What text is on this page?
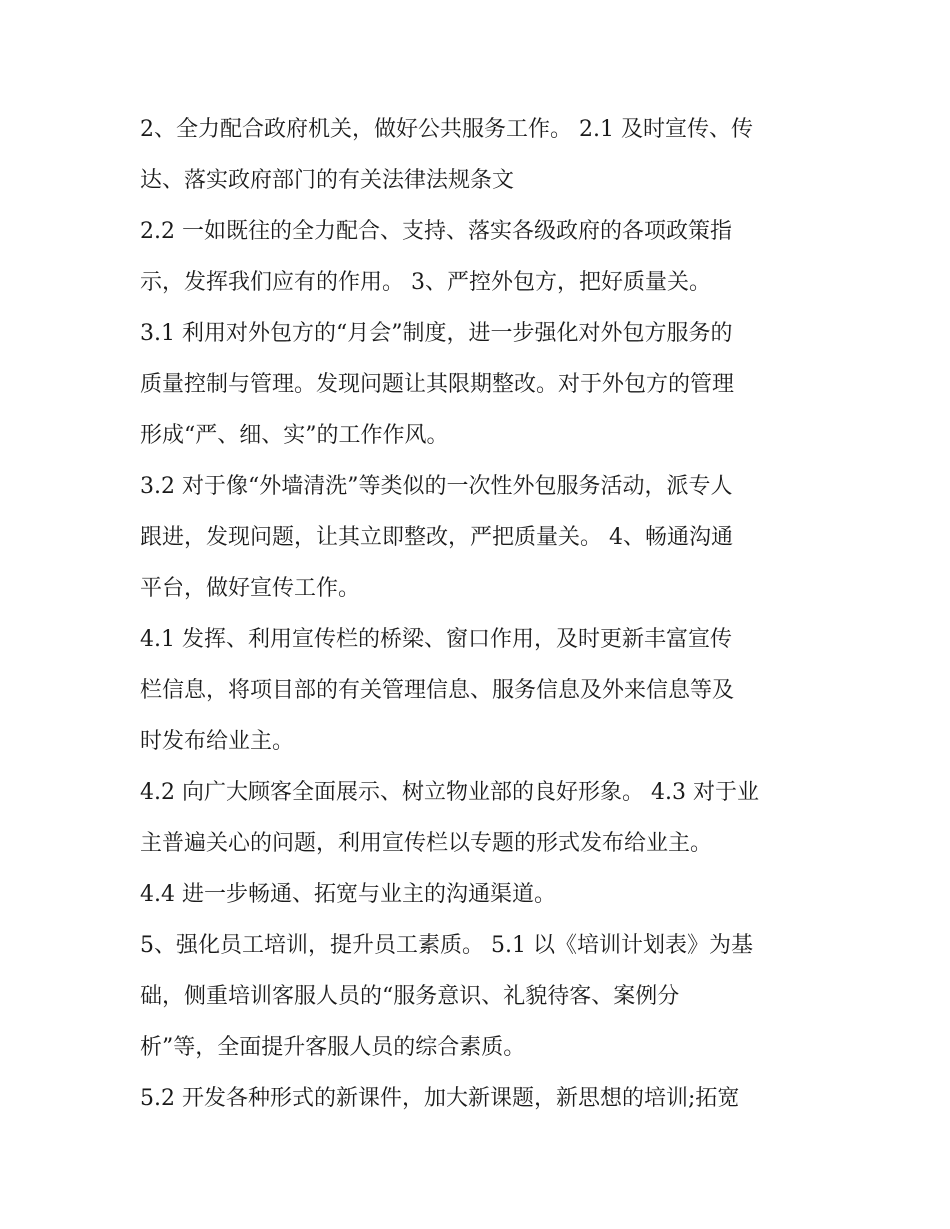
2、全力配合政府机关，做好公共服务工作。 2.1 及时宣传、传
达、落实政府部门的有关法律法规条文
2.2 一如既往的全力配合、支持、落实各级政府的各项政策指
示，发挥我们应有的作用。 3、严控外包方，把好质量关。
3.1 利用对外包方的“月会”制度，进一步强化对外包方服务的
质量控制与管理。发现问题让其限期整改。对于外包方的管理
形成“严、细、实”的工作作风。
3.2 对于像“外墙清洗”等类似的一次性外包服务活动，派专人
跟进，发现问题，让其立即整改，严把质量关。 4、畅通沟通
平台，做好宣传工作。
4.1 发挥、利用宣传栏的桥梁、窗口作用，及时更新丰富宣传
栏信息，将项目部的有关管理信息、服务信息及外来信息等及
时发布给业主。
4.2 向广大顾客全面展示、树立物业部的良好形象。 4.3 对于业
主普遍关心的问题，利用宣传栏以专题的形式发布给业主。
4.4 进一步畅通、拓宽与业主的沟通渠道。
5、强化员工培训，提升员工素质。 5.1 以《培训计划表》为基
础，侧重培训客服人员的“服务意识、礼貌待客、案例分
析”等，全面提升客服人员的综合素质。
5.2 开发各种形式的新课件，加大新课题，新思想的培训;拓宽
